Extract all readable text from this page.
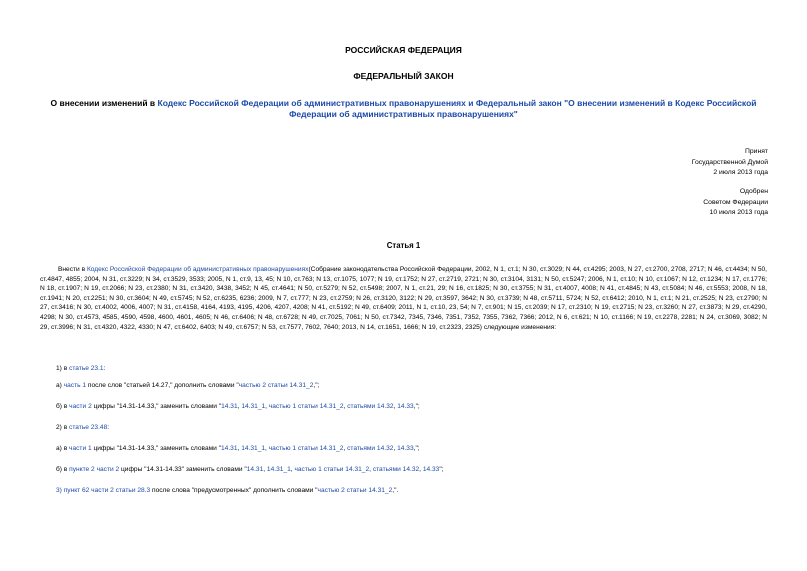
РОССИЙСКАЯ ФЕДЕРАЦИЯ
ФЕДЕРАЛЬНЫЙ ЗАКОН
О внесении изменений в Кодекс Российской Федерации об административных правонарушениях и Федеральный закон "О внесении изменений в Кодекс Российской Федерации об административных правонарушениях"
Принят
Государственной Думой
2 июля 2013 года
Одобрен
Советом Федерации
10 июля 2013 года
Статья 1
Внести в Кодекс Российской Федерации об административных правонарушениях(Собрание законодательства Российской Федерации, 2002, N 1, ст.1; N 30, ст.3029; N 44, ст.4295; 2003, N 27, ст.2700, 2708, 2717; N 46, ст.4434; N 50, ст.4847, 4855; 2004, N 31, ст.3229; N 34, ст.3529, 3533; 2005, N 1, ст.9, 13, 45; N 10, ст.763; N 13, ст.1075, 1077; N 19, ст.1752; N 27, ст.2719, 2721; N 30, ст.3104, 3131; N 50, ст.5247; 2006, N 1, ст.10; N 10, ст.1067; N 12, ст.1234; N 17, ст.1776; N 18, ст.1907; N 19, ст.2066; N 23, ст.2380; N 31, ст.3420, 3438, 3452; N 45, ст.4641; N 50, ст.5279; N 52, ст.5498; 2007, N 1, ст.21, 29; N 16, ст.1825; N 30, ст.3755; N 31, ст.4007, 4008; N 41, ст.4845; N 43, ст.5084; N 46, ст.5553; 2008, N 18, ст.1941; N 20, ст.2251; N 30, ст.3604; N 49, ст.5745; N 52, ст.6235, 6236; 2009, N 7, ст.777; N 23, ст.2759; N 26, ст.3120, 3122; N 29, ст.3597, 3642; N 30, ст.3739; N 48, ст.5711, 5724; N 52, ст.6412; 2010, N 1, ст.1; N 21, ст.2525; N 23, ст.2790; N 27, ст.3416; N 30, ст.4002, 4006, 4007; N 31, ст.4158, 4164, 4193, 4195, 4206, 4207, 4208; N 41, ст.5192; N 49, ст.6409; 2011, N 1, ст.10, 23, 54; N 7, ст.901; N 15, ст.2039; N 17, ст.2310; N 19, ст.2715; N 23, ст.3260; N 27, ст.3873; N 29, ст.4290, 4298; N 30, ст.4573, 4585, 4590, 4598, 4600, 4601, 4605; N 46, ст.6406; N 48, ст.6728; N 49, ст.7025, 7061; N 50, ст.7342, 7345, 7346, 7351, 7352, 7355, 7362, 7366; 2012, N 6, ст.621; N 10, ст.1166; N 19, ст.2278, 2281; N 24, ст.3069, 3082; N 29, ст.3996; N 31, ст.4320, 4322, 4330; N 47, ст.6402, 6403; N 49, ст.6757; N 53, ст.7577, 7602, 7640; 2013, N 14, ст.1651, 1666; N 19, ст.2323, 2325) следующие изменения:
1) в статье 23.1:
а) часть 1 после слов "статьей 14.27," дополнить словами "частью 2 статьи 14.31_2,";
б) в части 2 цифры "14.31-14.33," заменить словами "14.31, 14.31_1, частью 1 статьи 14.31_2, статьями 14.32, 14.33,";
2) в статье 23.48:
а) в части 1 цифры "14.31-14.33," заменить словами "14.31, 14.31_1, частью 1 статьи 14.31_2, статьями 14.32, 14.33,";
б) в пункте 2 части 2 цифры "14.31-14.33" заменить словами "14.31, 14.31_1, частью 1 статьи 14.31_2, статьями 14.32, 14.33";
3) пункт 62 части 2 статьи 28.3 после слова "предусмотренных" дополнить словами "частью 2 статьи 14.31_2,".
